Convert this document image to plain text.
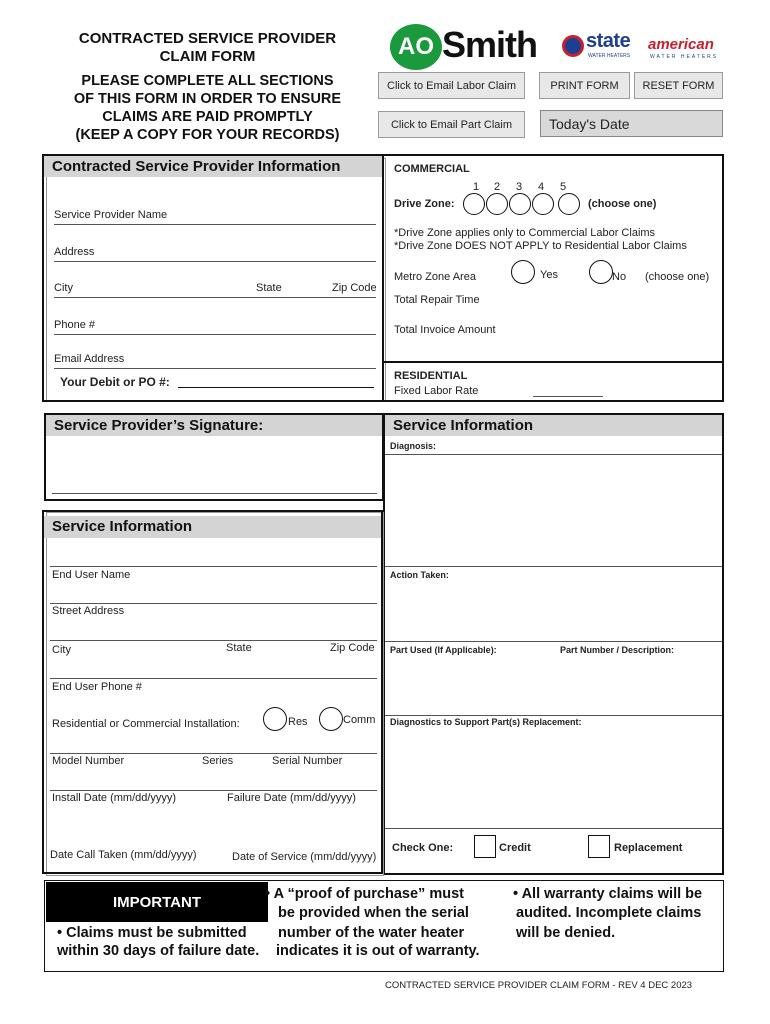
CONTRACTED SERVICE PROVIDER
CLAIM FORM
PLEASE COMPLETE ALL SECTIONS
OF THIS FORM IN ORDER TO ENSURE
CLAIMS ARE PAID PROMPTLY
(KEEP A COPY FOR YOUR RECORDS)
AO Smith state
WATER HEATERS
american
WATER HEATERS
Click to Email Labor Claim	PRINT FORM	RESET FORM
Click to Email Part Claim	Today's Date
Contracted Service Provider Information
Service Provider Name
Address
City	State	Zip Code
Phone #
Email Address
Your Debit or PO #:
COMMERCIAL
1 2 3 4 5
Drive Zone:	(choose one)
*Drive Zone applies only to Commercial Labor Claims
*Drive Zone DOES NOT APPLY to Residential Labor Claims
Metro Zone Area	Yes	No (choose one)
Total Repair Time
Total Invoice Amount
RESIDENTIAL
Fixed Labor Rate
Service Provider’s Signature:	Service Information
Diagnosis:
Action Taken:
Part Used (If Applicable):	Part Number / Description:
Diagnostics to Support Part(s) Replacement:
Check One:	Credit	Replacement
Service Information
End User Name
Street Address
City	State	Zip Code
End User Phone #
Residential or Commercial Installation:	Res	Comm
Model Number	Series	Serial Number
Install Date (mm/dd/yyyy)	Failure Date (mm/dd/yyyy)
Date Call Taken (mm/dd/yyyy)	Date of Service (mm/dd/yyyy)
IMPORTANT
• Claims must be submitted
within 30 days of failure date.
• A “proof of purchase” must
be provided when the serial
number of the water heater
indicates it is out of warranty.
• All warranty claims will be
audited. Incomplete claims
will be denied.
CONTRACTED SERVICE PROVIDER CLAIM FORM - REV 4 DEC 2023
